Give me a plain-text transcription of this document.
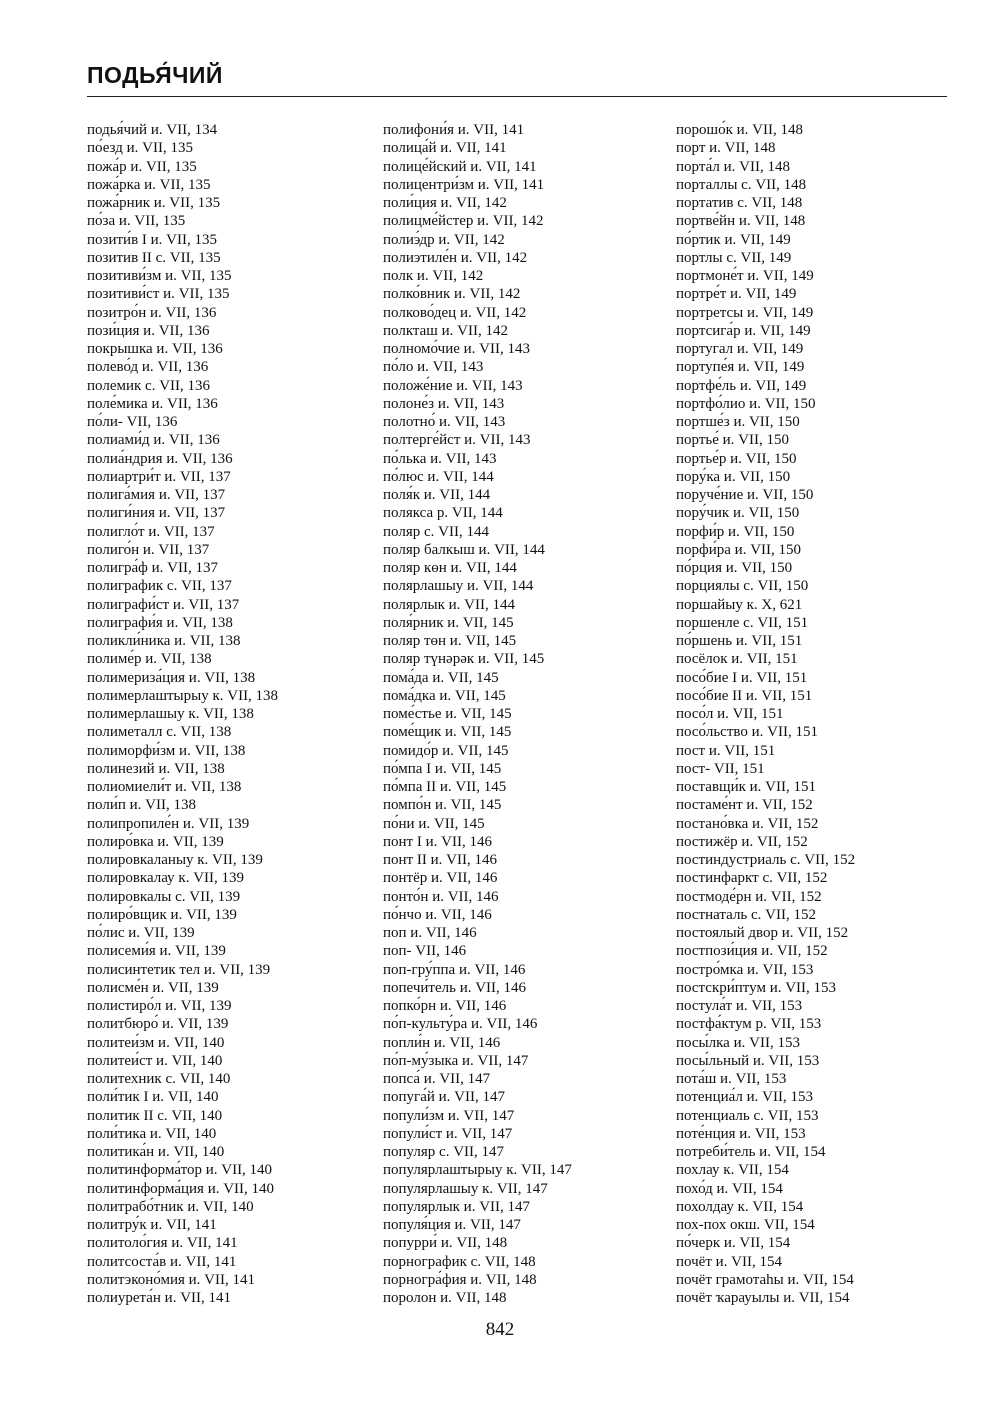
ПОДЬЯ́ЧИЙ
подья́чий и. VII, 134
по́езд и. VII, 135
пожа́р и. VII, 135
пожа́рка и. VII, 135
пожа́рник и. VII, 135
по́за и. VII, 135
позити́в I и. VII, 135
позитив II с. VII, 135
позитиви́зм и. VII, 135
позитиви́ст и. VII, 135
позитро́н и. VII, 136
пози́ция и. VII, 136
покрышка и. VII, 136
полево́д и. VII, 136
полемик с. VII, 136
поле́мика и. VII, 136
по́ли- VII, 136
полиами́д и. VII, 136
полиа́ндрия и. VII, 136
полиартри́т и. VII, 137
полига́мия и. VII, 137
полиги́ния и. VII, 137
полигло́т и. VII, 137
полиго́н и. VII, 137
полигра́ф и. VII, 137
полиграфик с. VII, 137
полиграфи́ст и. VII, 137
полиграфи́я и. VII, 138
поликли́ника и. VII, 138
полиме́р и. VII, 138
полимериза́ция и. VII, 138
полимерлаштырыу к. VII, 138
полимерлашыу к. VII, 138
полиметалл с. VII, 138
полиморфи́зм и. VII, 138
полинезий и. VII, 138
полиомиели́т и. VII, 138
поли́п и. VII, 138
полипропиле́н и. VII, 139
полиро́вка и. VII, 139
полировкаланыу к. VII, 139
полировкалау к. VII, 139
полировкалы с. VII, 139
полиро́вщик и. VII, 139
по́лис и. VII, 139
полисеми́я и. VII, 139
полисинтетик тел и. VII, 139
полисме́н и. VII, 139
полистиро́л и. VII, 139
политбюро́ и. VII, 139
политеи́зм и. VII, 140
политеи́ст и. VII, 140
политехник с. VII, 140
поли́тик I и. VII, 140
политик II с. VII, 140
поли́тика и. VII, 140
политика́н и. VII, 140
политинформа́тор и. VII, 140
политинформа́ция и. VII, 140
политрабо́тник и. VII, 140
политру́к и. VII, 141
политоло́гия и. VII, 141
политсоста́в и. VII, 141
политэконо́мия и. VII, 141
полиурета́н и. VII, 141
полифони́я и. VII, 141
полица́й и. VII, 141
полице́йский и. VII, 141
полицентри́зм и. VII, 141
поли́ция и. VII, 142
полицме́йстер и. VII, 142
полиэ́др и. VII, 142
полиэтиле́н и. VII, 142
полк и. VII, 142
полко́вник и. VII, 142
полково́дец и. VII, 142
полкташ и. VII, 142
полномо́чие и. VII, 143
по́ло и. VII, 143
положе́ние и. VII, 143
полоне́з и. VII, 143
полотно́ и. VII, 143
полтерге́йст и. VII, 143
по́лька и. VII, 143
по́люс и. VII, 144
поля́к и. VII, 144
полякса р. VII, 144
поляр с. VII, 144
поляр балкыш и. VII, 144
поляр көн и. VII, 144
полярлашыу и. VII, 144
полярлык и. VII, 144
поля́рник и. VII, 145
поляр төн и. VII, 145
поляр түнәрәк и. VII, 145
пома́да и. VII, 145
пома́дка и. VII, 145
поме́стье и. VII, 145
поме́щик и. VII, 145
помидо́р и. VII, 145
по́мпа I и. VII, 145
по́мпа II и. VII, 145
помпо́н и. VII, 145
по́ни и. VII, 145
понт I и. VII, 146
понт II и. VII, 146
понтёр и. VII, 146
понто́н и. VII, 146
по́нчо и. VII, 146
поп и. VII, 146
поп- VII, 146
поп-гру́ппа и. VII, 146
попечи́тель и. VII, 146
попко́рн и. VII, 146
по́п-культу́ра и. VII, 146
попли́н и. VII, 146
по́п-му́зыка и. VII, 147
попса́ и. VII, 147
попуга́й и. VII, 147
попули́зм и. VII, 147
попули́ст и. VII, 147
популяр с. VII, 147
популярлаштырыу к. VII, 147
популярлашыу к. VII, 147
популярлык и. VII, 147
популя́ция и. VII, 147
попурри́ и. VII, 148
порнографик с. VII, 148
порногра́фия и. VII, 148
поролон и. VII, 148
порошо́к и. VII, 148
порт и. VII, 148
порта́л и. VII, 148
порталлы с. VII, 148
портатив с. VII, 148
портве́йн и. VII, 148
по́ртик и. VII, 149
портлы с. VII, 149
портмоне́т и. VII, 149
портре́т и. VII, 149
портретсы и. VII, 149
портсига́р и. VII, 149
португал и. VII, 149
портупе́я и. VII, 149
портфе́ль и. VII, 149
портфо́лио и. VII, 150
портше́з и. VII, 150
портье́ и. VII, 150
портье́р и. VII, 150
пору́ка и. VII, 150
поруче́ние и. VII, 150
пору́чик и. VII, 150
порфи́р и. VII, 150
порфи́ра и. VII, 150
по́рция и. VII, 150
порциялы с. VII, 150
поршайыу к. X, 621
поршенле с. VII, 151
по́ршень и. VII, 151
посёлок и. VII, 151
посо́бие I и. VII, 151
посо́бие II и. VII, 151
посо́л и. VII, 151
посо́льство и. VII, 151
пост и. VII, 151
пост- VII, 151
поставщи́к и. VII, 151
постаме́нт и. VII, 152
постано́вка и. VII, 152
постижёр и. VII, 152
постиндустриаль с. VII, 152
постинфаркт с. VII, 152
постмоде́рн и. VII, 152
постнаталь с. VII, 152
постоялый двор и. VII, 152
постпози́ция и. VII, 152
постро́мка и. VII, 153
постскри́птум и. VII, 153
постула́т и. VII, 153
постфа́ктум р. VII, 153
посы́лка и. VII, 153
посы́льный и. VII, 153
пота́ш и. VII, 153
потенциа́л и. VII, 153
потенциаль с. VII, 153
поте́нция и. VII, 153
потреби́тель и. VII, 154
похлау к. VII, 154
похо́д и. VII, 154
похолдау к. VII, 154
пох-пох окш. VII, 154
по́черк и. VII, 154
почёт и. VII, 154
почёт грамотаhы и. VII, 154
почёт ҡарауылы и. VII, 154
842
